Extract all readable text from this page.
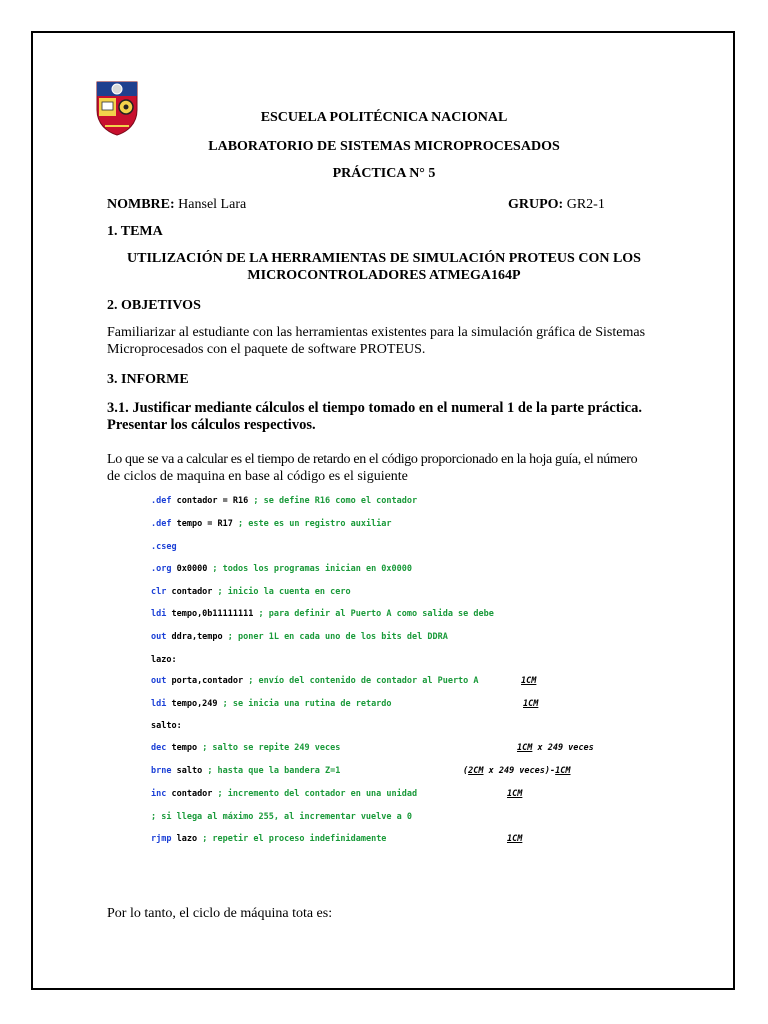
ESCUELA POLITÉCNICA NACIONAL
LABORATORIO DE SISTEMAS MICROPROCESADOS
PRÁCTICA N° 5
NOMBRE: Hansel Lara	GRUPO: GR2-1
1. TEMA
UTILIZACIÓN DE LA HERRAMIENTAS DE SIMULACIÓN PROTEUS CON LOS
MICROCONTROLADORES ATMEGA164P
2. OBJETIVOS
Familiarizar al estudiante con las herramientas existentes para la simulación gráfica de Sistemas
Microprocesados con el paquete de software PROTEUS.
3. INFORME
3.1. Justificar mediante cálculos el tiempo tomado en el numeral 1 de la parte práctica.
Presentar los cálculos respectivos.
Lo que se va a calcular es el tiempo de retardo en el código proporcionado en la hoja guía, el número
de ciclos de maquina en base al código es el siguiente
1CM
1CM
1CM x 249 veces
(2CM x 249 veces)-1CM
1CM
1CM
Por lo tanto, el ciclo de máquina tota es:
.def contador = R16 ; se define R16 como el contador
.def tempo = R17 ; este es un registro auxiliar
.cseg
.org 0x0000 ; todos los programas inician en 0x0000
clr contador ; inicio la cuenta en cero
ldi tempo,0b11111111 ; para definir al Puerto A como salida se debe
out ddra,tempo ; poner 1L en cada uno de los bits del DDRA
lazo:
out porta,contador ; envío del contenido de contador al Puerto A
ldi tempo,249 ; se inicia una rutina de retardo
salto:
dec tempo ; salto se repite 249 veces
brne salto ; hasta que la bandera Z=1
inc contador ; incremento del contador en una unidad
; si llega al máximo 255, al incrementar vuelve a 0
rjmp lazo ; repetir el proceso indefinidamente
